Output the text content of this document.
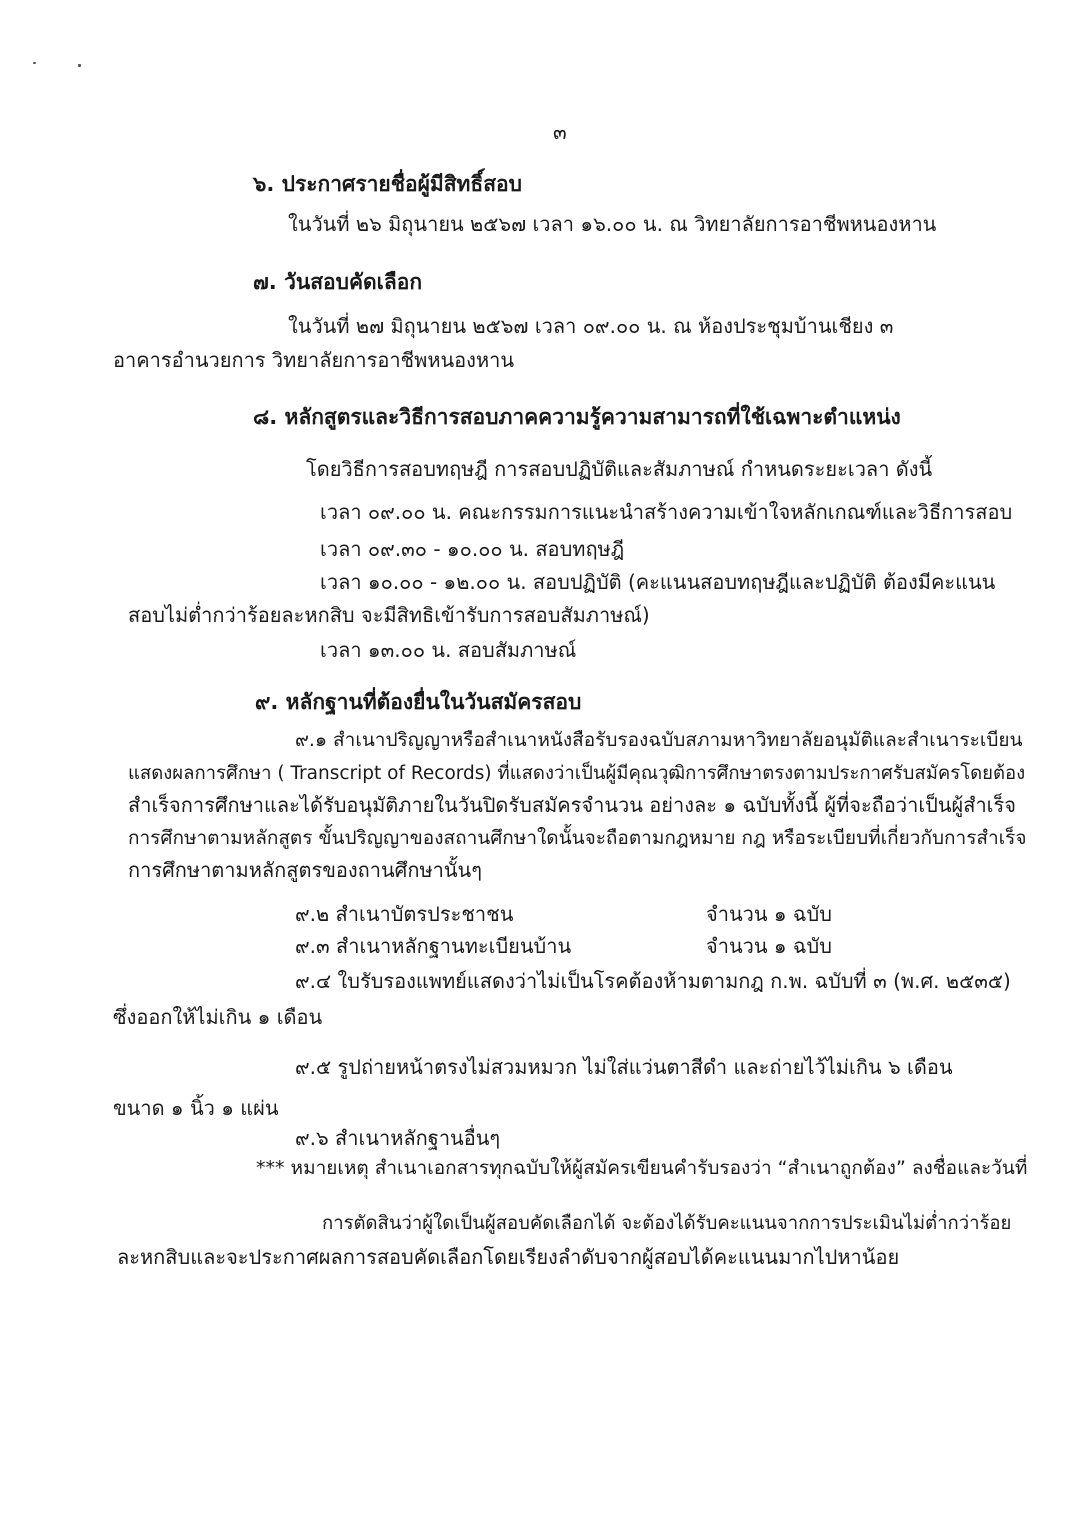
๓

๖. ประกาศรายชื่อผู้มีสิทธิ์สอบ

ในวันที่ ๒๖ มิถุนายน ๒๕๖๗ เวลา ๑๖.๐๐ น. ณ วิทยาลัยการอาชีพหนองหาน

๗. วันสอบคัดเลือก

ในวันที่ ๒๗ มิถุนายน ๒๕๖๗ เวลา ๐๙.๐๐ น. ณ ห้องประชุมบ้านเชียง ๓

อาคารอำนวยการ วิทยาลัยการอาชีพหนองหาน

๘. หลักสูตรและวิธีการสอบภาคความรู้ความสามารถที่ใช้เฉพาะตำแหน่ง

โดยวิธีการสอบทฤษฎี การสอบปฏิบัติและสัมภาษณ์ กำหนดระยะเวลา ดังนี้

เวลา ๐๙.๐๐ น. คณะกรรมการแนะนำสร้างความเข้าใจหลักเกณฑ์และวิธีการสอบ

เวลา ๐๙.๓๐ - ๑๐.๐๐ น. สอบทฤษฎี

เวลา ๑๐.๐๐ - ๑๒.๐๐ น. สอบปฏิบัติ (คะแนนสอบทฤษฎีและปฏิบัติ ต้องมีคะแนน

สอบไม่ต่ำกว่าร้อยละหกสิบ จะมีสิทธิเข้ารับการสอบสัมภาษณ์)

เวลา ๑๓.๐๐ น. สอบสัมภาษณ์

๙. หลักฐานที่ต้องยื่นในวันสมัครสอบ

๙.๑ สำเนาปริญญาหรือสำเนาหนังสือรับรองฉบับสภามหาวิทยาลัยอนุมัติและสำเนาระเบียน

แสดงผลการศึกษา ( Transcript of Records) ที่แสดงว่าเป็นผู้มีคุณวุฒิการศึกษาตรงตามประกาศรับสมัครโดยต้อง

สำเร็จการศึกษาและได้รับอนุมัติภายในวันปิดรับสมัครจำนวน อย่างละ ๑ ฉบับทั้งนี้ ผู้ที่จะถือว่าเป็นผู้สำเร็จ

การศึกษาตามหลักสูตร ขั้นปริญญาของสถานศึกษาใดนั้นจะถือตามกฎหมาย กฎ หรือระเบียบที่เกี่ยวกับการสำเร็จ

การศึกษาตามหลักสูตรของถานศึกษานั้นๆ

๙.๒ สำเนาบัตรประชาชน	จำนวน ๑ ฉบับ

๙.๓ สำเนาหลักฐานทะเบียนบ้าน	จำนวน ๑ ฉบับ

๙.๔ ใบรับรองแพทย์แสดงว่าไม่เป็นโรคต้องห้ามตามกฎ ก.พ. ฉบับที่ ๓ (พ.ศ. ๒๕๓๕)

ซึ่งออกให้ไม่เกิน ๑ เดือน

๙.๕ รูปถ่ายหน้าตรงไม่สวมหมวก ไม่ใส่แว่นตาสีดำ และถ่ายไว้ไม่เกิน ๖ เดือน

ขนาด ๑ นิ้ว ๑ แผ่น

๙.๖ สำเนาหลักฐานอื่นๆ

*** หมายเหตุ สำเนาเอกสารทุกฉบับให้ผู้สมัครเขียนคำรับรองว่า “สำเนาถูกต้อง” ลงชื่อและวันที่

การตัดสินว่าผู้ใดเป็นผู้สอบคัดเลือกได้ จะต้องได้รับคะแนนจากการประเมินไม่ต่ำกว่าร้อย

ละหกสิบและจะประกาศผลการสอบคัดเลือกโดยเรียงลำดับจากผู้สอบได้คะแนนมากไปหาน้อย
